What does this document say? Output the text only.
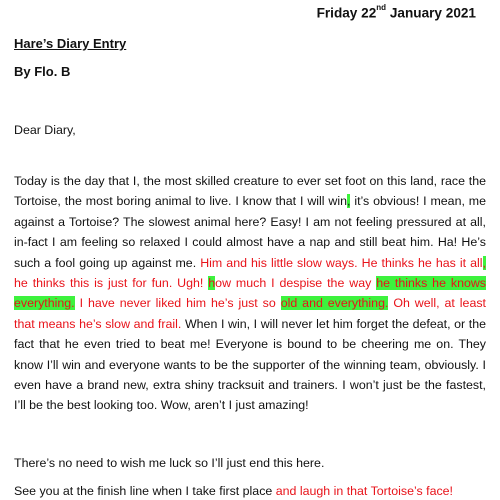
Friday 22nd January 2021
Hare’s Diary Entry
By Flo. B
Dear Diary,
Today is the day that I, the most skilled creature to ever set foot on this land, race the Tortoise, the most boring animal to live. I know that I will win, it’s obvious! I mean, me against a Tortoise? The slowest animal here? Easy! I am not feeling pressured at all, in-fact I am feeling so relaxed I could almost have a nap and still beat him. Ha! He’s such a fool going up against me. Him and his little slow ways. He thinks he has it all, he thinks this is just for fun. Ugh! how much I despise the way he thinks he knows everything. I have never liked him he’s just so old and everything. Oh well, at least that means he’s slow and frail. When I win, I will never let him forget the defeat, or the fact that he even tried to beat me! Everyone is bound to be cheering me on. They know I’ll win and everyone wants to be the supporter of the winning team, obviously. I even have a brand new, extra shiny tracksuit and trainers. I won’t just be the fastest, I’ll be the best looking too. Wow, aren’t I just amazing!
There’s no need to wish me luck so I’ll just end this here.
See you at the finish line when I take first place and laugh in that Tortoise’s face!
